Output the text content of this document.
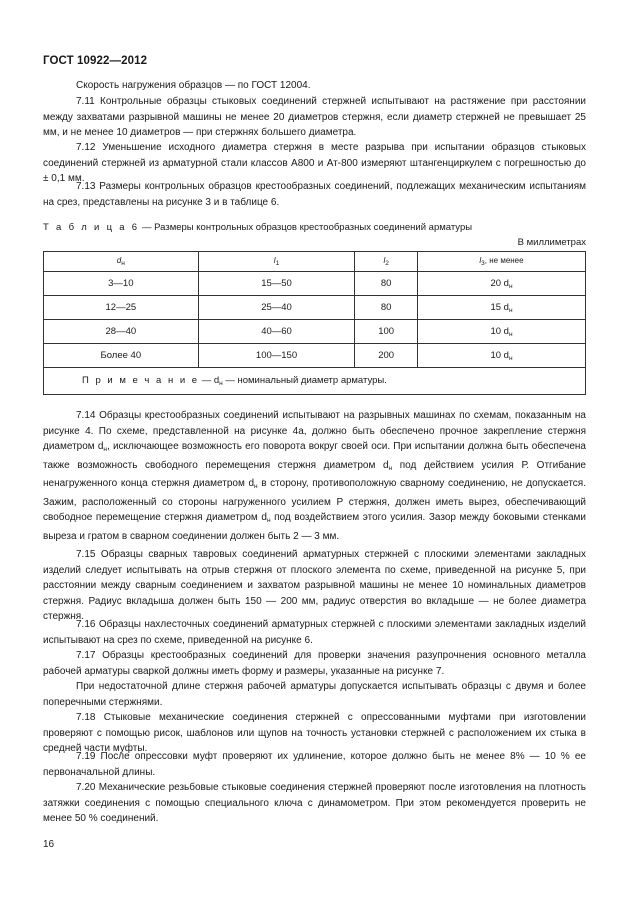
ГОСТ 10922—2012

Скорость нагружения образцов — по ГОСТ 12004.

7.11 Контрольные образцы стыковых соединений стержней испытывают на растяжение при расстоянии между захватами разрывной машины не менее 20 диаметров стержня, если диаметр стержней не превышает 25 мм, и не менее 10 диаметров — при стержнях большего диаметра.

7.12 Уменьшение исходного диаметра стержня в месте разрыва при испытании образцов стыковых соединений стержней из арматурной стали классов А800 и Ат-800 измеряют штангенциркулем с погрешностью до ± 0,1 мм.

7.13 Размеры контрольных образцов крестообразных соединений, подлежащих механическим испытаниям на срез, представлены на рисунке 3 и в таблице 6.

Т а б л и ц а 6 — Размеры контрольных образцов крестообразных соединений арматуры
В миллиметрах
$d_н$	$l_1$	$l_2$	$l_3$, не менее
3—10	15—50	80	20 $d_н$
12—25	25—40	80	15 $d_н$
28—40	40—60	100	10 $d_н$
Более 40	100—150	200	10 $d_н$
П р и м е ч а н и е — $d_н$ — номинальный диаметр арматуры.			

7.14 Образцы крестообразных соединений испытывают на разрывных машинах по схемам, показанным на рисунке 4. По схеме, представленной на рисунке 4а, должно быть обеспечено прочное закрепление стержня диаметром $d_н$, исключающее возможность его поворота вокруг своей оси. При испытании должна быть обеспечена также возможность свободного перемещения стержня диаметром $d_н$ под действием усилия Р. Отгибание ненагруженного конца стержня диаметром $d_н$ в сторону, противоположную сварному соединению, не допускается. Зажим, расположенный со стороны нагруженного усилием Р стержня, должен иметь вырез, обеспечивающий свободное перемещение стержня диаметром $d_н$ под воздействием этого усилия. Зазор между боковыми стенками выреза и гратом в сварном соединении должен быть 2 — 3 мм.

7.15 Образцы сварных тавровых соединений арматурных стержней с плоскими элементами закладных изделий следует испытывать на отрыв стержня от плоского элемента по схеме, приведенной на рисунке 5, при расстоянии между сварным соединением и захватом разрывной машины не менее 10 номинальных диаметров стержня. Радиус вкладыша должен быть 150 — 200 мм, радиус отверстия во вкладыше — не более диаметра стержня.

7.16 Образцы нахлесточных соединений арматурных стержней с плоскими элементами закладных изделий испытывают на срез по схеме, приведенной на рисунке 6.

7.17 Образцы крестообразных соединений для проверки значения разупрочнения основного металла рабочей арматуры сваркой должны иметь форму и размеры, указанные на рисунке 7.

При недостаточной длине стержня рабочей арматуры допускается испытывать образцы с двумя и более поперечными стержнями.

7.18 Стыковые механические соединения стержней с опрессованными муфтами при изготовлении проверяют с помощью рисок, шаблонов или щупов на точность установки стержней с расположением их стыка в средней части муфты.

7.19 После опрессовки муфт проверяют их удлинение, которое должно быть не менее 8% — 10 % ее первоначальной длины.

7.20 Механические резьбовые стыковые соединения стержней проверяют после изготовления на плотность затяжки соединения с помощью специального ключа с динамометром. При этом рекомендуется проверить не менее 50 % соединений.

16
